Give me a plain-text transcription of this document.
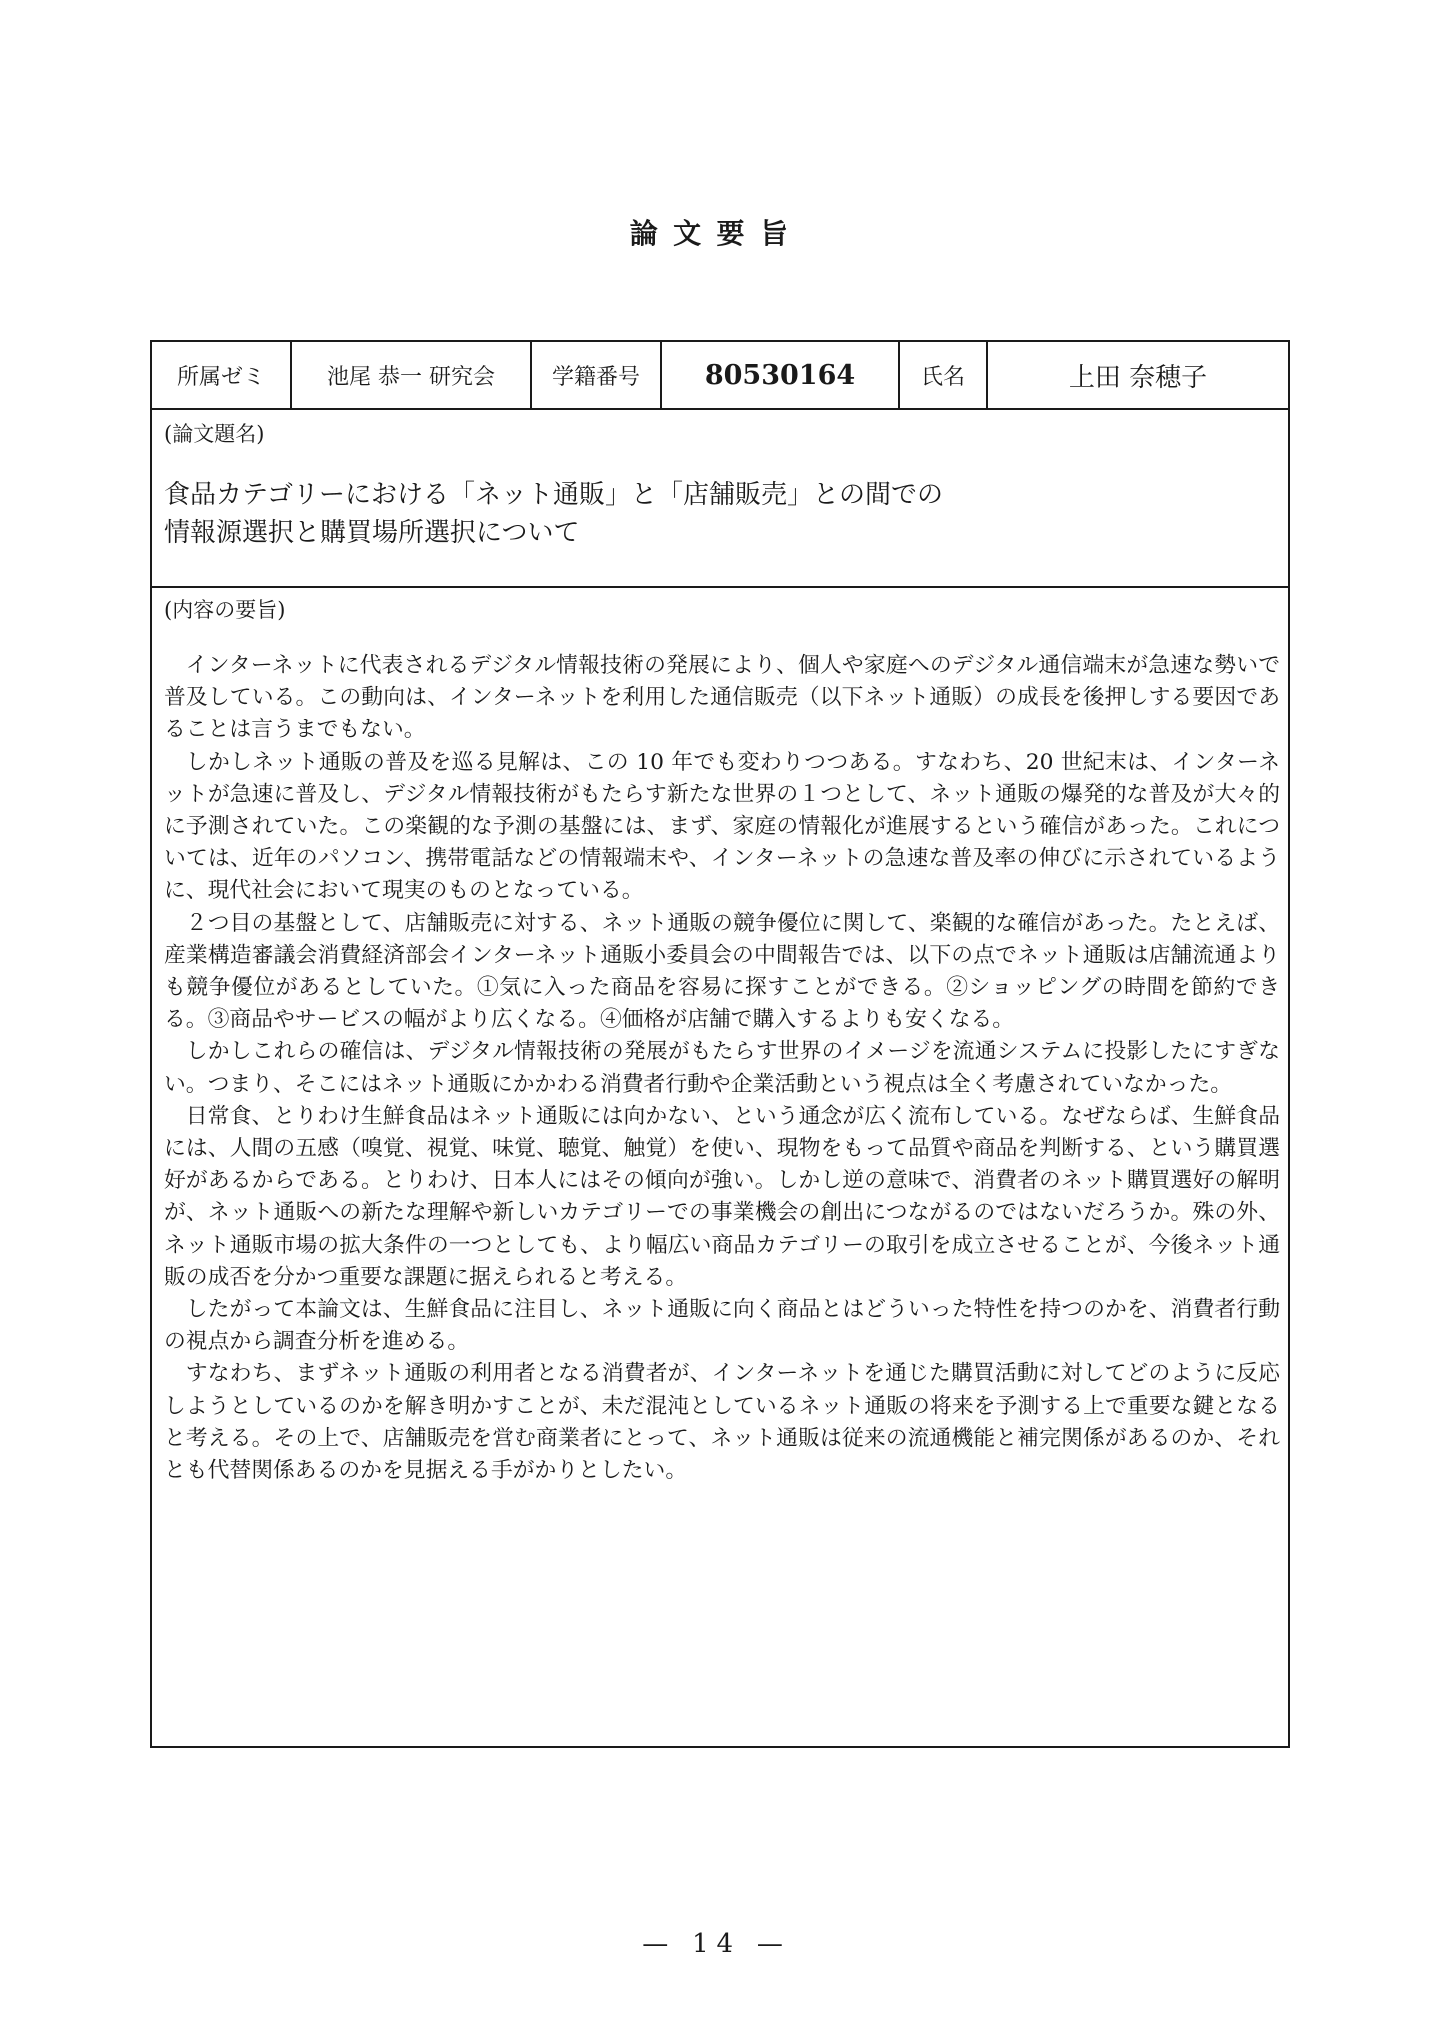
論文要旨
所属ゼミ	池尾 恭一 研究会	学籍番号	80530164	氏名	上田 奈穂子
(論文題名)
食品カテゴリーにおける「ネット通販」と「店舗販売」との間での
情報源選択と購買場所選択について
(内容の要旨)

インターネットに代表されるデジタル情報技術の発展により、個人や家庭へのデジタル通信端末が急速な勢いで普及している。この動向は、インターネットを利用した通信販売（以下ネット通販）の成長を後押しする要因であることは言うまでもない。

しかしネット通販の普及を巡る見解は、この 10 年でも変わりつつある。すなわち、20 世紀末は、インターネットが急速に普及し、デジタル情報技術がもたらす新たな世界の１つとして、ネット通販の爆発的な普及が大々的に予測されていた。この楽観的な予測の基盤には、まず、家庭の情報化が進展するという確信があった。これについては、近年のパソコン、携帯電話などの情報端末や、インターネットの急速な普及率の伸びに示されているように、現代社会において現実のものとなっている。

２つ目の基盤として、店舗販売に対する、ネット通販の競争優位に関して、楽観的な確信があった。たとえば、産業構造審議会消費経済部会インターネット通販小委員会の中間報告では、以下の点でネット通販は店舗流通よりも競争優位があるとしていた。①気に入った商品を容易に探すことができる。②ショッピングの時間を節約できる。③商品やサービスの幅がより広くなる。④価格が店舗で購入するよりも安くなる。

しかしこれらの確信は、デジタル情報技術の発展がもたらす世界のイメージを流通システムに投影したにすぎない。つまり、そこにはネット通販にかかわる消費者行動や企業活動という視点は全く考慮されていなかった。

日常食、とりわけ生鮮食品はネット通販には向かない、という通念が広く流布している。なぜならば、生鮮食品には、人間の五感（嗅覚、視覚、味覚、聴覚、触覚）を使い、現物をもって品質や商品を判断する、という購買選好があるからである。とりわけ、日本人にはその傾向が強い。しかし逆の意味で、消費者のネット購買選好の解明が、ネット通販への新たな理解や新しいカテゴリーでの事業機会の創出につながるのではないだろうか。殊の外、ネット通販市場の拡大条件の一つとしても、より幅広い商品カテゴリーの取引を成立させることが、今後ネット通販の成否を分かつ重要な課題に据えられると考える。

したがって本論文は、生鮮食品に注目し、ネット通販に向く商品とはどういった特性を持つのかを、消費者行動の視点から調査分析を進める。

すなわち、まずネット通販の利用者となる消費者が、インターネットを通じた購買活動に対してどのように反応しようとしているのかを解き明かすことが、未だ混沌としているネット通販の将来を予測する上で重要な鍵となると考える。その上で、店舗販売を営む商業者にとって、ネット通販は従来の流通機能と補完関係があるのか、それとも代替関係あるのかを見据える手がかりとしたい。

— 14 —
